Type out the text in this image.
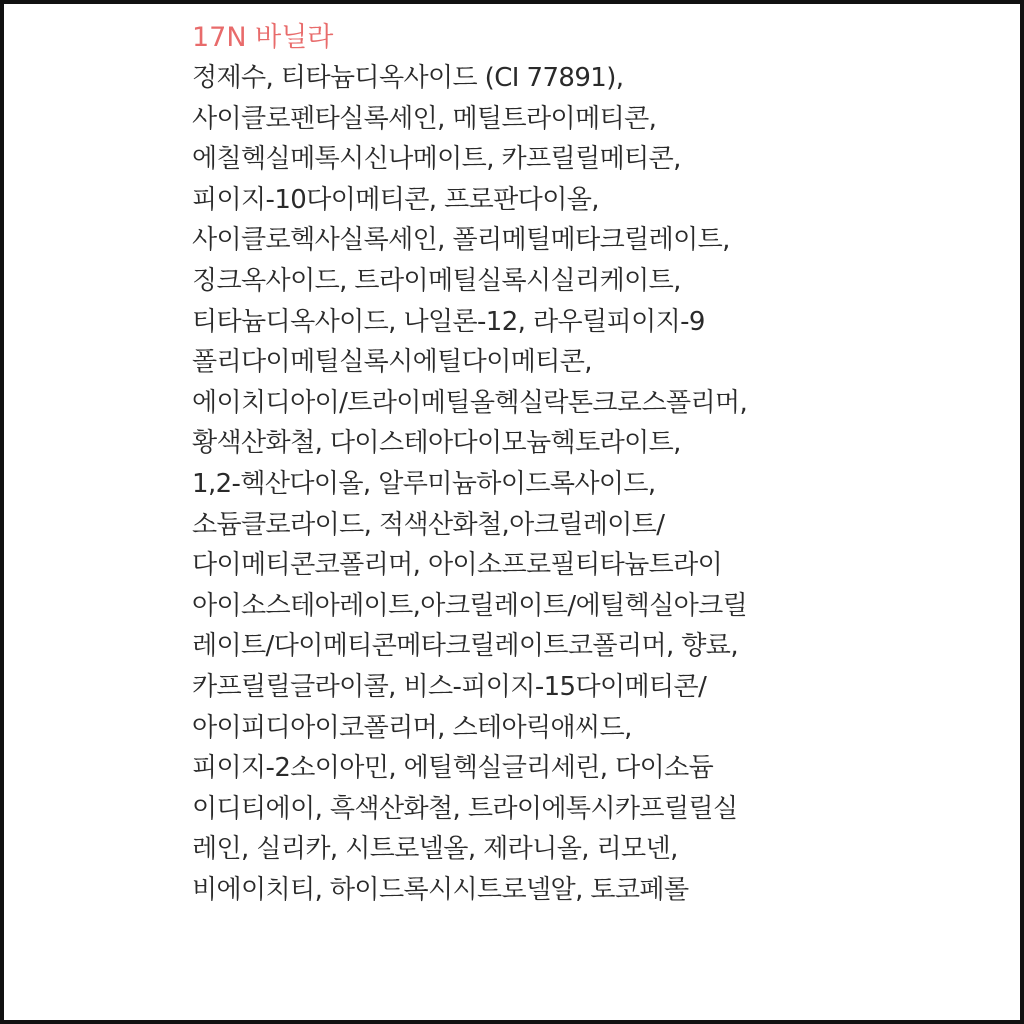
17N 바닐라
정제수, 티타늄디옥사이드 (CI 77891),
사이클로펜타실록세인, 메틸트라이메티콘,
에칠헥실메톡시신나메이트, 카프릴릴메티콘,
피이지-10다이메티콘, 프로판다이올,
사이클로헥사실록세인, 폴리메틸메타크릴레이트,
징크옥사이드, 트라이메틸실록시실리케이트,
티타늄디옥사이드, 나일론-12, 라우릴피이지-9
폴리다이메틸실록시에틸다이메티콘,
에이치디아이/트라이메틸올헥실락톤크로스폴리머,
황색산화철, 다이스테아다이모늄헥토라이트,
1,2-헥산다이올, 알루미늄하이드록사이드,
소듐클로라이드, 적색산화철,아크릴레이트/
다이메티콘코폴리머, 아이소프로필티타늄트라이
아이소스테아레이트,아크릴레이트/에틸헥실아크릴
레이트/다이메티콘메타크릴레이트코폴리머, 향료,
카프릴릴글라이콜, 비스-피이지-15다이메티콘/
아이피디아이코폴리머, 스테아릭애씨드,
피이지-2소이아민, 에틸헥실글리세린, 다이소듐
이디티에이, 흑색산화철, 트라이에톡시카프릴릴실
레인, 실리카, 시트로넬올, 제라니올, 리모넨,
비에이치티, 하이드록시시트로넬알, 토코페롤
